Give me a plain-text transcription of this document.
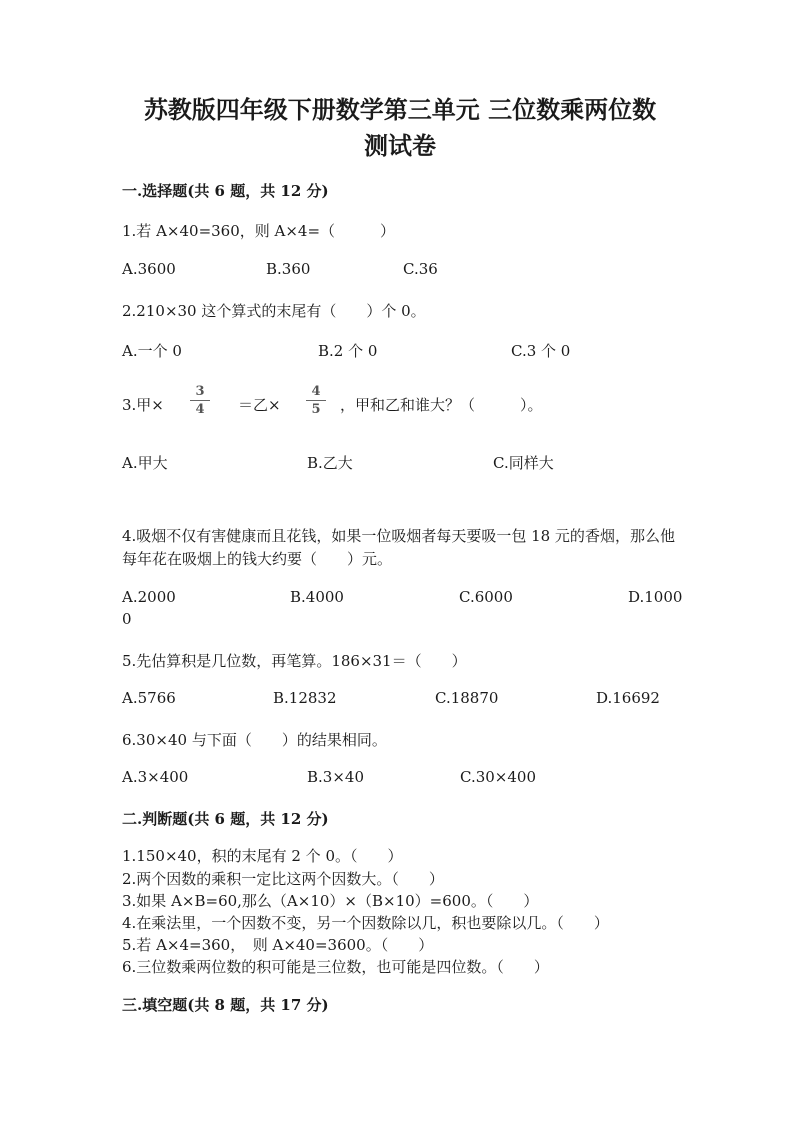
苏教版四年级下册数学第三单元 三位数乘两位数
测试卷
一.选择题(共 6 题，共 12 分)
1.若 A×40=360，则 A×4=（　　　）
A.3600	B.360	C.36
2.210×30 这个算式的末尾有（　　）个 0。
A.一个 0	B.2 个 0	C.3 个 0
3.甲×
3
4	＝乙×
4
5	，甲和乙和谁大？（　　　）。
A.甲大	B.乙大	C.同样大
4.吸烟不仅有害健康而且花钱，如果一位吸烟者每天要吸一包 18 元的香烟，那么他每年花在吸烟上的钱大约要（　　）元。
A.2000	B.4000	C.6000	D.1000
0
5.先估算积是几位数，再笔算。186×31＝（　　）
A.5766	B.12832	C.18870	D.16692
6.30×40 与下面（　　）的结果相同。
A.3×400	B.3×40	C.30×400
二.判断题(共 6 题，共 12 分)
1.150×40，积的末尾有 2 个 0。（　　）
2.两个因数的乘积一定比这两个因数大。（　　）
3.如果 A×B=60,那么（A×10）×（B×10）=600。（　　）
4.在乘法里，一个因数不变，另一个因数除以几，积也要除以几。（　　）
5.若 A×4=360，　则 A×40=3600。（　　）
6.三位数乘两位数的积可能是三位数，也可能是四位数。（　　）
三.填空题(共 8 题，共 17 分)
